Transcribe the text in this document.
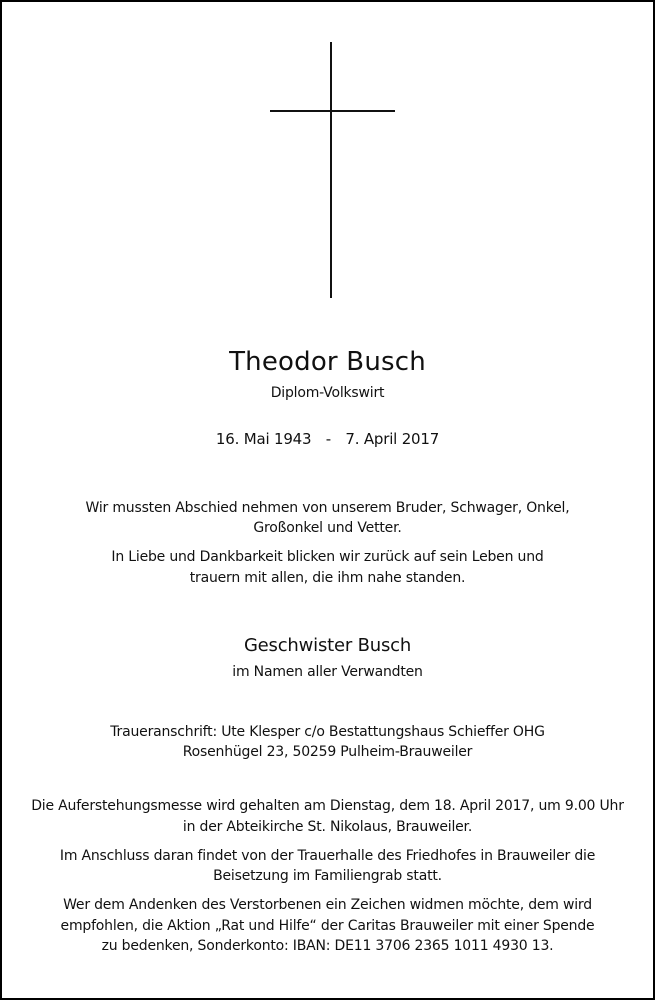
Theodor Busch
Diplom-Volkswirt
16. Mai 1943 - 7. April 2017
Wir mussten Abschied nehmen von unserem Bruder, Schwager, Onkel,
Großonkel und Vetter.
In Liebe und Dankbarkeit blicken wir zurück auf sein Leben und
trauern mit allen, die ihm nahe standen.
Geschwister Busch
im Namen aller Verwandten
Traueranschrift: Ute Klesper c/o Bestattungshaus Schieffer OHG
Rosenhügel 23, 50259 Pulheim-Brauweiler
Die Auferstehungsmesse wird gehalten am Dienstag, dem 18. April 2017, um 9.00 Uhr
in der Abteikirche St. Nikolaus, Brauweiler.
Im Anschluss daran findet von der Trauerhalle des Friedhofes in Brauweiler die
Beisetzung im Familiengrab statt.
Wer dem Andenken des Verstorbenen ein Zeichen widmen möchte, dem wird
empfohlen, die Aktion „Rat und Hilfe“ der Caritas Brauweiler mit einer Spende
zu bedenken, Sonderkonto: IBAN: DE11 3706 2365 1011 4930 13.
